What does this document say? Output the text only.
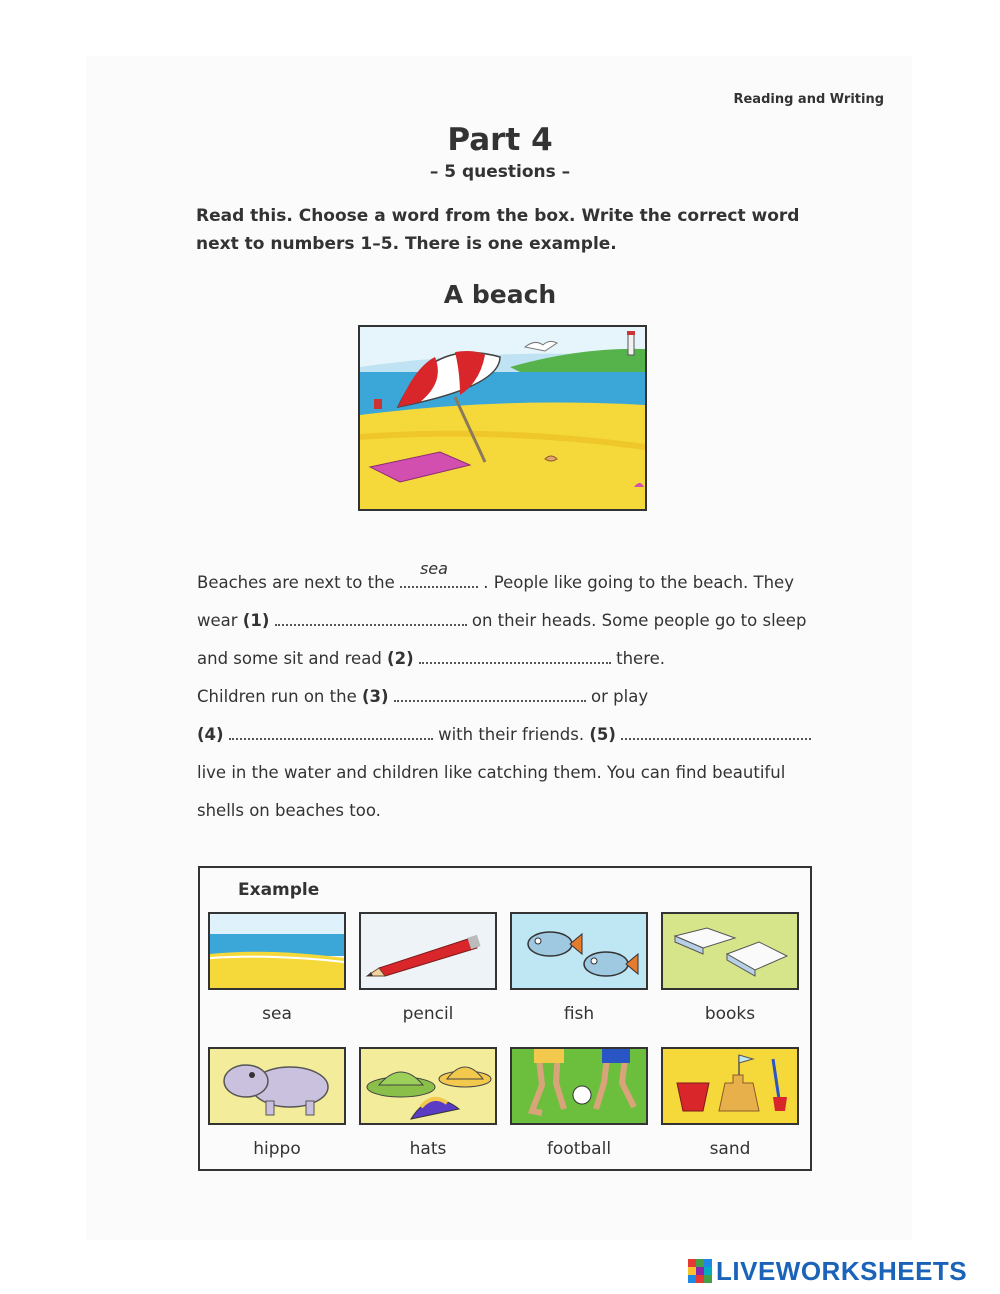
Reading and Writing
Part 4
– 5 questions –
Read this. Choose a word from the box. Write the correct word next to numbers 1–5. There is one example.
A beach
Beaches are next to the
sea
. People like going to the beach. They
wear (1)	on their heads. Some people go to sleep
and some sit and read (2)	there.
Children run on the (3)	or play
(4)	with their friends. (5)
live in the water and children like catching them. You can find beautiful
shells on beaches too.
Example
sea	pencil	fish	books
hippo	hats	football	sand
LIVEWORKSHEETS
